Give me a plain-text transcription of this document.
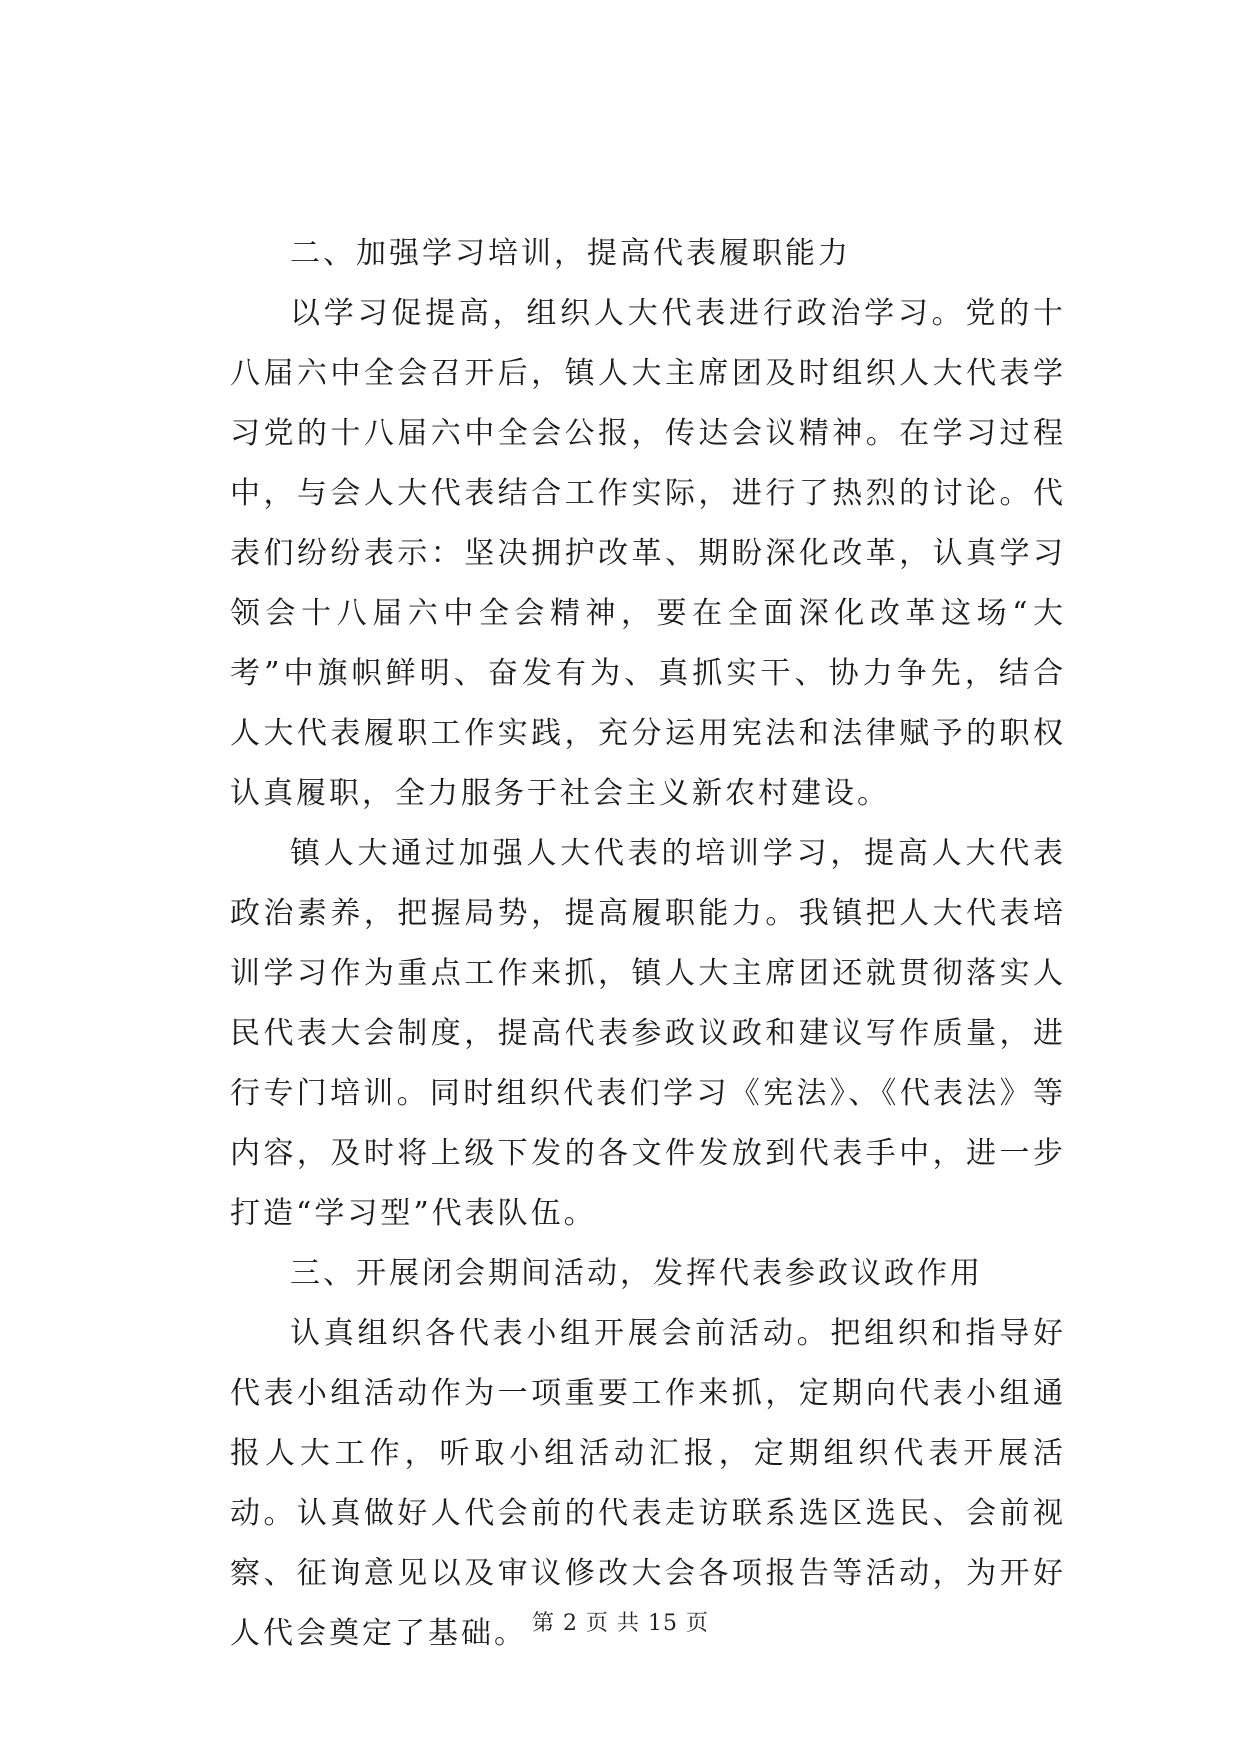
二、加强学习培训，提高代表履职能力

以学习促提高，组织人大代表进行政治学习。党的十八届六中全会召开后，镇人大主席团及时组织人大代表学习党的十八届六中全会公报，传达会议精神。在学习过程中，与会人大代表结合工作实际，进行了热烈的讨论。代表们纷纷表示：坚决拥护改革、期盼深化改革，认真学习领会十八届六中全会精神，要在全面深化改革这场“大考”中旗帜鲜明、奋发有为、真抓实干、协力争先，结合人大代表履职工作实践，充分运用宪法和法律赋予的职权认真履职，全力服务于社会主义新农村建设。

镇人大通过加强人大代表的培训学习，提高人大代表政治素养，把握局势，提高履职能力。我镇把人大代表培训学习作为重点工作来抓，镇人大主席团还就贯彻落实人民代表大会制度，提高代表参政议政和建议写作质量，进行专门培训。同时组织代表们学习《宪法》、《代表法》等内容，及时将上级下发的各文件发放到代表手中，进一步打造“学习型”代表队伍。

三、开展闭会期间活动，发挥代表参政议政作用

认真组织各代表小组开展会前活动。把组织和指导好代表小组活动作为一项重要工作来抓，定期向代表小组通报人大工作，听取小组活动汇报，定期组织代表开展活动。认真做好人代会前的代表走访联系选区选民、会前视察、征询意见以及审议修改大会各项报告等活动，为开好人代会奠定了基础。 第 2 页 共 15 页
